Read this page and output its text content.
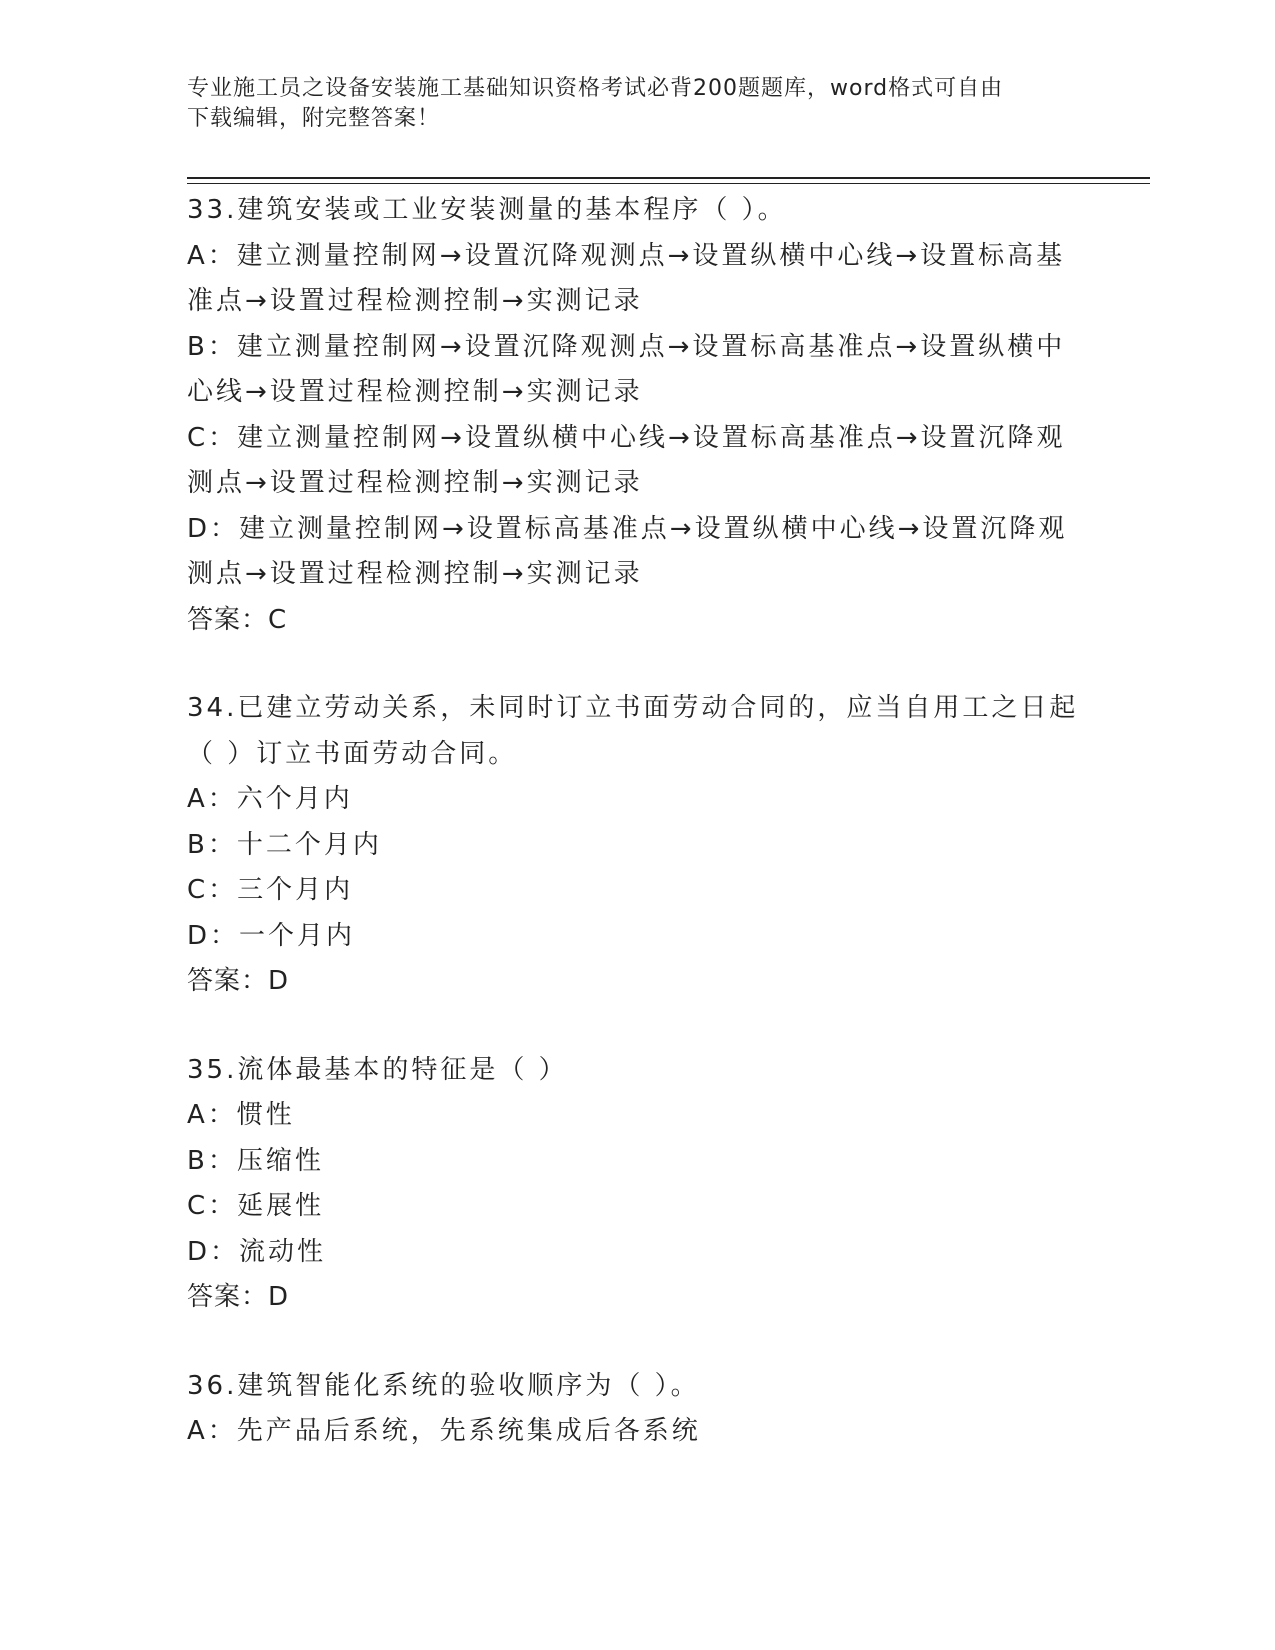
专业施工员之设备安装施工基础知识资格考试必背200题题库，word格式可自由
下载编辑，附完整答案！
33.建筑安装或工业安装测量的基本程序（ ）。
A：建立测量控制网→设置沉降观测点→设置纵横中心线→设置标高基
准点→设置过程检测控制→实测记录
B：建立测量控制网→设置沉降观测点→设置标高基准点→设置纵横中
心线→设置过程检测控制→实测记录
C：建立测量控制网→设置纵横中心线→设置标高基准点→设置沉降观
测点→设置过程检测控制→实测记录
D：建立测量控制网→设置标高基准点→设置纵横中心线→设置沉降观
测点→设置过程检测控制→实测记录
答案：C
34.已建立劳动关系，未同时订立书面劳动合同的，应当自用工之日起
（ ）订立书面劳动合同。
A：六个月内
B：十二个月内
C：三个月内
D：一个月内
答案：D
35.流体最基本的特征是（ ）
A：惯性
B：压缩性
C：延展性
D：流动性
答案：D
36.建筑智能化系统的验收顺序为（ ）。
A：先产品后系统，先系统集成后各系统
